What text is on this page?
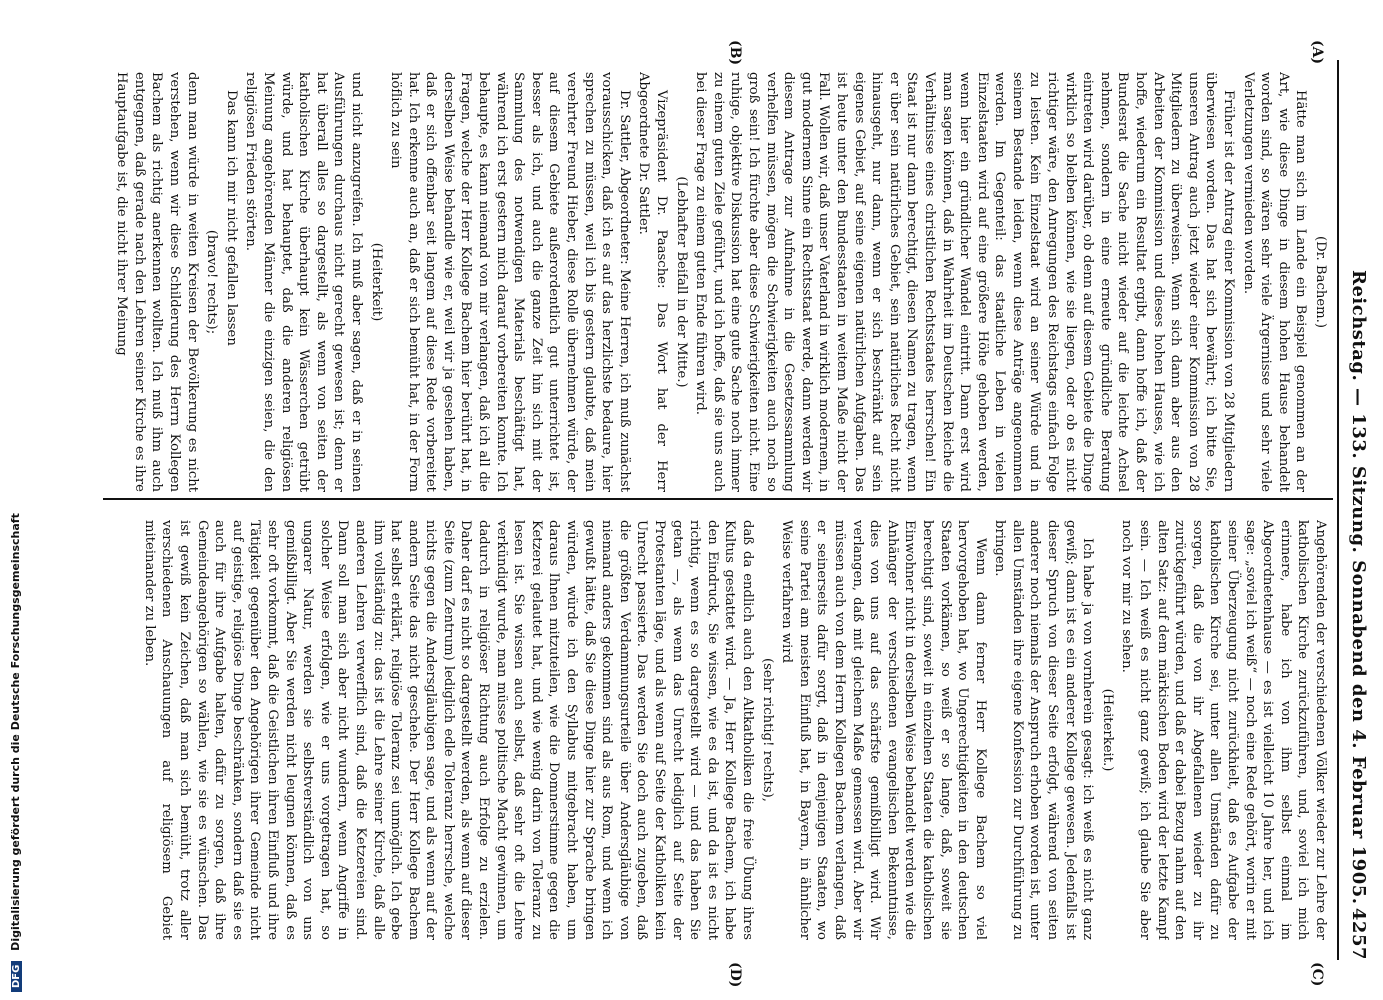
Reichstag. — 133. Sitzung. Sonnabend den 4. Februar 1905.
4257
(A)
(B)
(C)
(D)

(Dr. Bachem.)

Hätte man sich im Lande ein Beispiel genommen an der Art, wie diese Dinge in diesem hohen Hause behandelt worden sind, so wären sehr viele Ärgernisse und sehr viele Verletzungen vermieden worden.

Früher ist der Antrag einer Kommission von 28 Mitgliedern überwiesen worden. Das hat sich bewährt; ich bitte Sie, unseren Antrag auch jetzt wieder einer Kommission von 28 Mitgliedern zu überweisen. Wenn sich dann aber aus den Arbeiten der Kommission und dieses hohen Hauses, wie ich hoffe, wiederum ein Resultat ergibt, dann hoffe ich, daß der Bundesrat die Sache nicht wieder auf die leichte Achsel nehmen, sondern in eine erneute gründliche Beratung eintreten wird darüber, ob denn auf diesem Gebiete die Dinge wirklich so bleiben können, wie sie liegen, oder ob es nicht richtiger wäre, den Anregungen des Reichstags einfach Folge zu leisten. Kein Einzelstaat wird an seiner Würde und in seinem Bestande leiden, wenn diese Anträge angenommen werden. Im Gegenteil: das staatliche Leben in vielen Einzelstaaten wird auf eine größere Höhe gehoben werden, wenn hier ein gründlicher Wandel eintritt. Dann erst wird man sagen können, daß in Wahrheit im Deutschen Reiche die Verhältnisse eines christlichen Rechtsstaates herrschen! Ein Staat ist nur dann berechtigt, diesen Namen zu tragen, wenn er über sein natürliches Gebiet, sein natürliches Recht nicht hinausgeht, nur dann, wenn er sich beschränkt auf sein eigenes Gebiet, auf seine eigenen natürlichen Aufgaben. Das ist heute unter den Bundesstaaten in weitem Maße nicht der Fall. Wollen wir, daß unser Vaterland in wirklich modernem, in gut modernem Sinne ein Rechtsstaat werde, dann werden wir diesem Antrage zur Aufnahme in die Gesetzessammlung verhelfen müssen, mögen die Schwierigkeiten auch noch so groß sein! Ich fürchte aber diese Schwierigkeiten nicht. Eine ruhige, objektive Diskussion hat eine gute Sache noch immer zu einem guten Ziele geführt, und ich hoffe, daß sie uns auch bei dieser Frage zu einem guten Ende führen wird.

(Lebhafter Beifall in der Mitte.)

Vizepräsident Dr. Paasche: Das Wort hat der Herr Abgeordnete Dr. Sattler.

Dr. Sattler, Abgeordneter: Meine Herren, ich muß zunächst vorausschicken, daß ich es auf das herzlichste bedaure, hier sprechen zu müssen, weil ich bis gestern glaubte, daß mein verehrter Freund Hieber, diese Rolle übernehmen würde, der auf diesem Gebiete außerordentlich gut unterrichtet ist, besser als ich, und auch die ganze Zeit hin sich mit der Sammlung des notwendigen Materials beschäftigt hat, während ich erst gestern mich darauf vorbereiten konnte. Ich behaupte, es kann niemand von mir verlangen, daß ich all die Fragen, welche der Herr Kollege Bachem hier berührt hat, in derselben Weise behandle wie er, weil wir ja gesehen haben, daß er sich offenbar seit langem auf diese Rede vorbereitet hat. Ich erkenne auch an, daß er sich bemüht hat, in der Form höflich zu sein

(Heiterkeit)

und nicht anzugreifen. Ich muß aber sagen, daß er in seinen Ausführungen durchaus nicht gerecht gewesen ist; denn er hat überall alles so dargestellt, als wenn von seiten der katholischen Kirche überhaupt kein Wässerchen getrübt würde, und hat behauptet, daß die anderen religiösen Meinung angehörenden Männer die einzigen seien, die den religiösen Frieden störten.

Das kann ich mir nicht gefallen lassen

(bravo! rechts);

denn man würde in weiten Kreisen der Bevölkerung es nicht verstehen, wenn wir diese Schilderung des Herrn Kollegen Bachem als richtig anerkennen wollten. Ich muß ihm auch entgegnen, daß gerade nach den Lehren seiner Kirche es ihre Hauptaufgabe ist, die nicht ihrer Meinung

Angehörenden der verschiedenen Völker wieder zur Lehre der katholischen Kirche zurückzuführen, und, soviel ich mich erinnere, habe ich von ihm selbst einmal im Abgeordnetenhause — es ist vielleicht 10 Jahre her, und ich sage: „soviel ich weiß“ — noch eine Rede gehört, worin er mit seiner Überzeugung nicht zurückhielt, daß es Aufgabe der katholischen Kirche sei, unter allen Umständen dafür zu sorgen, daß die von ihr Abgefallenen wieder zu ihr zurückgeführt würden, und daß er dabei Bezug nahm auf den alten Satz: auf dem märkischen Boden wird der letzte Kampf sein. — Ich weiß es nicht ganz gewiß; ich glaube Sie aber noch vor mir zu sehen.

(Heiterkeit.)

Ich habe ja von vornherein gesagt: ich weiß es nicht ganz gewiß; dann ist es ein anderer Kollege gewesen. Jedenfalls ist dieser Spruch von dieser Seite erfolgt, während von seiten anderer noch niemals der Anspruch erhoben worden ist, unter allen Umständen ihre eigene Konfession zur Durchführung zu bringen.

Wenn dann ferner Herr Kollege Bachem so viel hervorgehoben hat, wo Ungerechtigkeiten in den deutschen Staaten vorkämen, so weiß er so lange, daß, soweit sie berechtigt sind, soweit in einzelnen Staaten die katholischen Einwohner nicht in derselben Weise behandelt werden wie die Anhänger der verschiedenen evangelischen Bekenntnisse, dies von uns auf das schärfste gemißbilligt wird. Wir verlangen, daß mit gleichem Maße gemessen wird. Aber wir müssen auch von dem Herrn Kollegen Bachem verlangen, daß er seinerseits dafür sorgt, daß in denjenigen Staaten, wo seine Partei am meisten Einfluß hat, in Bayern, in ähnlicher Weise verfahren wird

(sehr richtig! rechts),

daß da endlich auch den Altkatholiken die freie Übung ihres Kultus gestattet wird. — Ja, Herr Kollege Bachem, ich habe den Eindruck, Sie wissen, wie es da ist, und da ist es nicht richtig, wenn es so dargestellt wird — und das haben Sie getan —, als wenn das Unrecht lediglich auf Seite der Protestanten läge, und als wenn auf Seite der Katholiken kein Unrecht passierte. Das werden Sie doch auch zugeben, daß die größten Verdammungsurteile über Andersgläubige von niemand anders gekommen sind als aus Rom, und wenn ich gewußt hätte, daß Sie diese Dinge hier zur Sprache bringen würden, würde ich den Syllabus mitgebracht haben, um daraus Ihnen mitzuteilen, wie die Domnerstimme gegen die Ketzerei gelautet hat, und wie wenig darin von Toleranz zu lesen ist. Sie wissen auch selbst, daß sehr oft die Lehre verkündigt wurde, man müsse politische Macht gewinnen, um dadurch in religiöser Richtung auch Erfolge zu erzielen. Daher darf es nicht so dargestellt werden, als wenn auf dieser Seite (zum Zentrum) lediglich edle Toleranz herrsche, welche nichts gegen die Andersgläubigen sage, und als wenn auf der andern Seite das nicht geschehe. Der Herr Kollege Bachem hat selbst erklärt, religiöse Toleranz sei unmöglich. Ich gebe ihm vollständig zu: das ist die Lehre seiner Kirche, daß alle anderen Lehren verwerflich sind, daß die Ketzereien sind. Dann soll man sich aber nicht wundern, wenn Angriffe in solcher Weise erfolgen, wie er uns vorgetragen hat, so ungarer Natur, werden sie selbstverständlich von uns gemißbilligt. Aber Sie werden nicht leugnen können, daß es sehr oft vorkommt, daß die Geistlichen ihren Einfluß und ihre Tätigkeit gegenüber den Angehörigen ihrer Gemeinde nicht auf geistige, religiöse Dinge beschränken, sondern daß sie es auch für ihre Aufgabe halten, dafür zu sorgen, daß ihre Gemeindeangehörigen so wählen, wie sie es wünschen. Das ist gewiß kein Zeichen, daß man sich bemüht, trotz aller verschiedenen Anschauungen auf religiösem Gebiet miteinander zu leben.

DFG Digitalisierung gefördert durch die Deutsche Forschungsgemeinschaft
